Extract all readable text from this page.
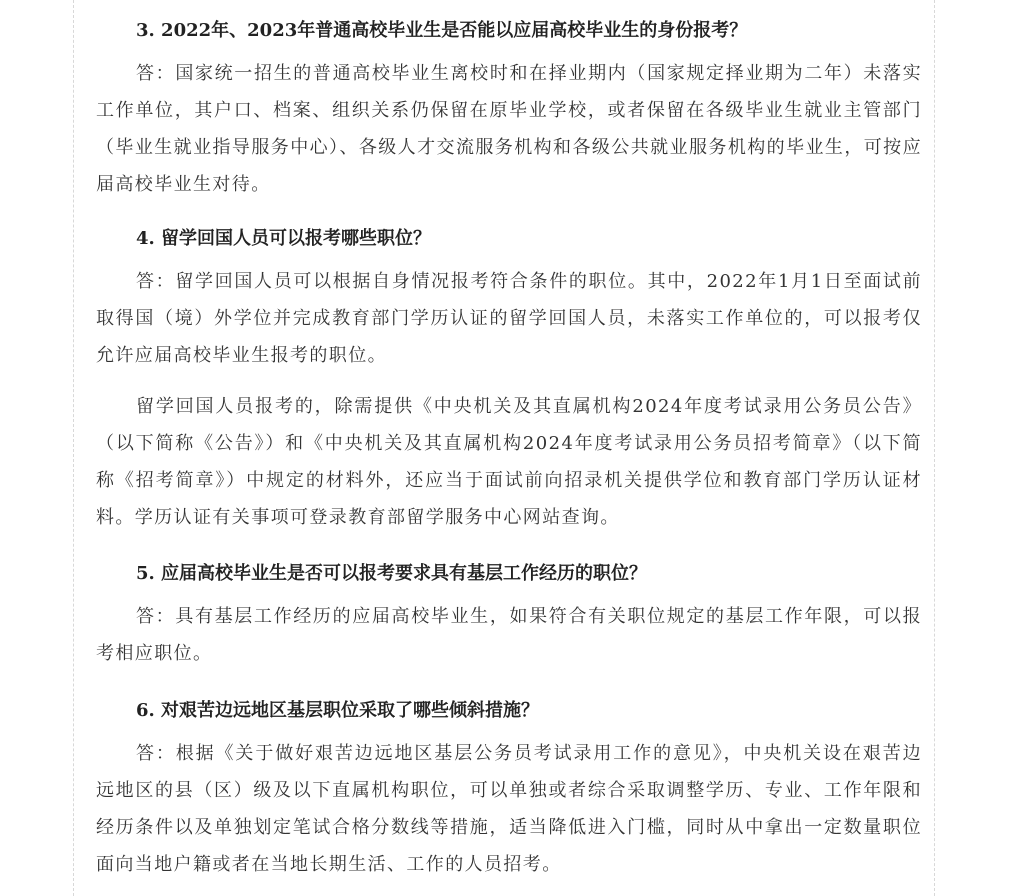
3. 2022年、2023年普通高校毕业生是否能以应届高校毕业生的身份报考？

答：国家统一招生的普通高校毕业生离校时和在择业期内（国家规定择业期为二年）未落实工作单位，其户口、档案、组织关系仍保留在原毕业学校，或者保留在各级毕业生就业主管部门（毕业生就业指导服务中心）、各级人才交流服务机构和各级公共就业服务机构的毕业生，可按应届高校毕业生对待。

4. 留学回国人员可以报考哪些职位？

答：留学回国人员可以根据自身情况报考符合条件的职位。其中，2022年1月1日至面试前取得国（境）外学位并完成教育部门学历认证的留学回国人员，未落实工作单位的，可以报考仅允许应届高校毕业生报考的职位。

留学回国人员报考的，除需提供《中央机关及其直属机构2024年度考试录用公务员公告》（以下简称《公告》）和《中央机关及其直属机构2024年度考试录用公务员招考简章》（以下简称《招考简章》）中规定的材料外，还应当于面试前向招录机关提供学位和教育部门学历认证材料。学历认证有关事项可登录教育部留学服务中心网站查询。

5. 应届高校毕业生是否可以报考要求具有基层工作经历的职位？

答：具有基层工作经历的应届高校毕业生，如果符合有关职位规定的基层工作年限，可以报考相应职位。

6. 对艰苦边远地区基层职位采取了哪些倾斜措施？

答：根据《关于做好艰苦边远地区基层公务员考试录用工作的意见》，中央机关设在艰苦边远地区的县（区）级及以下直属机构职位，可以单独或者综合采取调整学历、专业、工作年限和经历条件以及单独划定笔试合格分数线等措施，适当降低进入门槛，同时从中拿出一定数量职位面向当地户籍或者在当地长期生活、工作的人员招考。
